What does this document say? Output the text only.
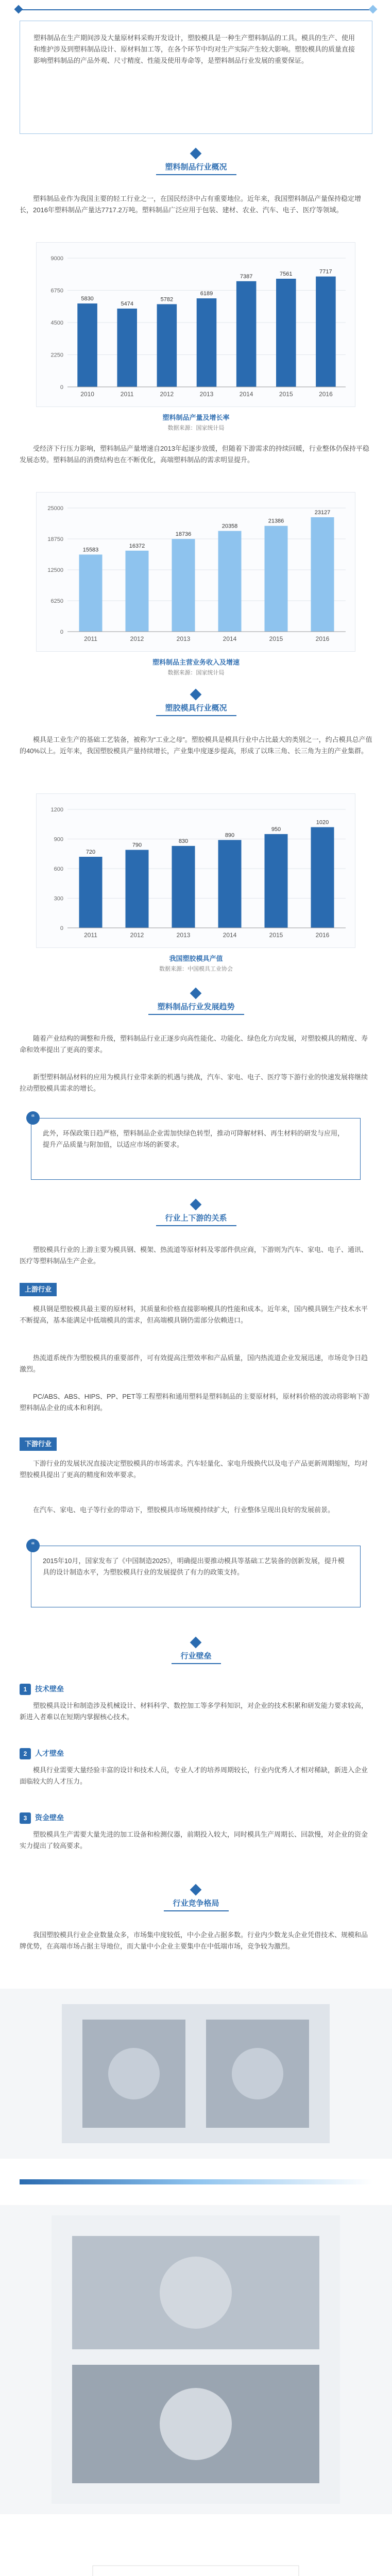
塑料制品在生产期间涉及大量原材料采购开发设计，塑胶模具是一种生产塑料制品的工具。模具的生产、使用和维护涉及到塑料制品设计、原材料加工等，在各个环节中均对生产实际产生较大影响。塑胶模具的质量直接影响塑料制品的产品外观、尺寸精度、性能及使用寿命等，是塑料制品行业发展的重要保证。

塑料制品行业概况

塑料制品业作为我国主要的轻工行业之一，在国民经济中占有重要地位。近年来，我国塑料制品产量保持稳定增长，2016年塑料制品产量达7717.2万吨。塑料制品广泛应用于包装、建材、农业、汽车、电子、医疗等领域。

0
2250
4500
6750
9000
5830
2010
5474
2011
5782
2012
6189
2013
7387
2014
7561
2015
7717
2016
塑料制品产量及增长率
数据来源：国家统计局

受经济下行压力影响，塑料制品产量增速自2013年起逐步放缓，但随着下游需求的持续回暖，行业整体仍保持平稳发展态势。塑料制品的消费结构也在不断优化，高端塑料制品的需求明显提升。

0
6250
12500
18750
25000
15583
2011
16372
2012
18736
2013
20358
2014
21386
2015
23127
2016
塑料制品主营业务收入及增速
数据来源：国家统计局
塑胶模具行业概况

模具是工业生产的基础工艺装备，被称为“工业之母”。塑胶模具是模具行业中占比最大的类别之一，约占模具总产值的40%以上。近年来，我国塑胶模具产量持续增长，产业集中度逐步提高，形成了以珠三角、长三角为主的产业集群。

0
300
600
900
1200
720
2011
790
2012
830
2013
890
2014
950
2015
1020
2016
我国塑胶模具产值
数据来源：中国模具工业协会
塑料制品行业发展趋势

随着产业结构的调整和升级，塑料制品行业正逐步向高性能化、功能化、绿色化方向发展，对塑胶模具的精度、寿命和效率提出了更高的要求。

新型塑料制品材料的应用为模具行业带来新的机遇与挑战，汽车、家电、电子、医疗等下游行业的快速发展将继续拉动塑胶模具需求的增长。

“

此外，环保政策日趋严格，塑料制品企业需加快绿色转型，推动可降解材料、再生材料的研发与应用，提升产品质量与附加值，以适应市场的新要求。

行业上下游的关系

塑胶模具行业的上游主要为模具钢、模架、热流道等原材料及零部件供应商，下游则为汽车、家电、电子、通讯、医疗等塑料制品生产企业。

上游行业

模具钢是塑胶模具最主要的原材料，其质量和价格直接影响模具的性能和成本。近年来，国内模具钢生产技术水平不断提高，基本能满足中低端模具的需求，但高端模具钢仍需部分依赖进口。

热流道系统作为塑胶模具的重要部件，可有效提高注塑效率和产品质量，国内热流道企业发展迅速，市场竞争日趋激烈。

PC/ABS、ABS、HIPS、PP、PET等工程塑料和通用塑料是塑料制品的主要原材料，原材料价格的波动将影响下游塑料制品企业的成本和利润。

下游行业

下游行业的发展状况直接决定塑胶模具的市场需求。汽车轻量化、家电升级换代以及电子产品更新周期缩短，均对塑胶模具提出了更高的精度和效率要求。

在汽车、家电、电子等行业的带动下，塑胶模具市场规模持续扩大，行业整体呈现出良好的发展前景。

“

2015年10月，国家发布了《中国制造2025》，明确提出要推动模具等基础工艺装备的创新发展，提升模具的设计制造水平，为塑胶模具行业的发展提供了有力的政策支持。

行业壁垒
1 技术壁垒

塑胶模具设计和制造涉及机械设计、材料科学、数控加工等多学科知识，对企业的技术积累和研发能力要求较高，新进入者难以在短期内掌握核心技术。

2 人才壁垒

模具行业需要大量经验丰富的设计和技术人员，专业人才的培养周期较长，行业内优秀人才相对稀缺，新进入企业面临较大的人才压力。

3 资金壁垒

塑胶模具生产需要大量先进的加工设备和检测仪器，前期投入较大，同时模具生产周期长、回款慢，对企业的资金实力提出了较高要求。

行业竞争格局

我国塑胶模具行业企业数量众多，市场集中度较低，中小企业占据多数。行业内少数龙头企业凭借技术、规模和品牌优势，在高端市场占据主导地位，而大量中小企业主要集中在中低端市场，竞争较为激烈。
